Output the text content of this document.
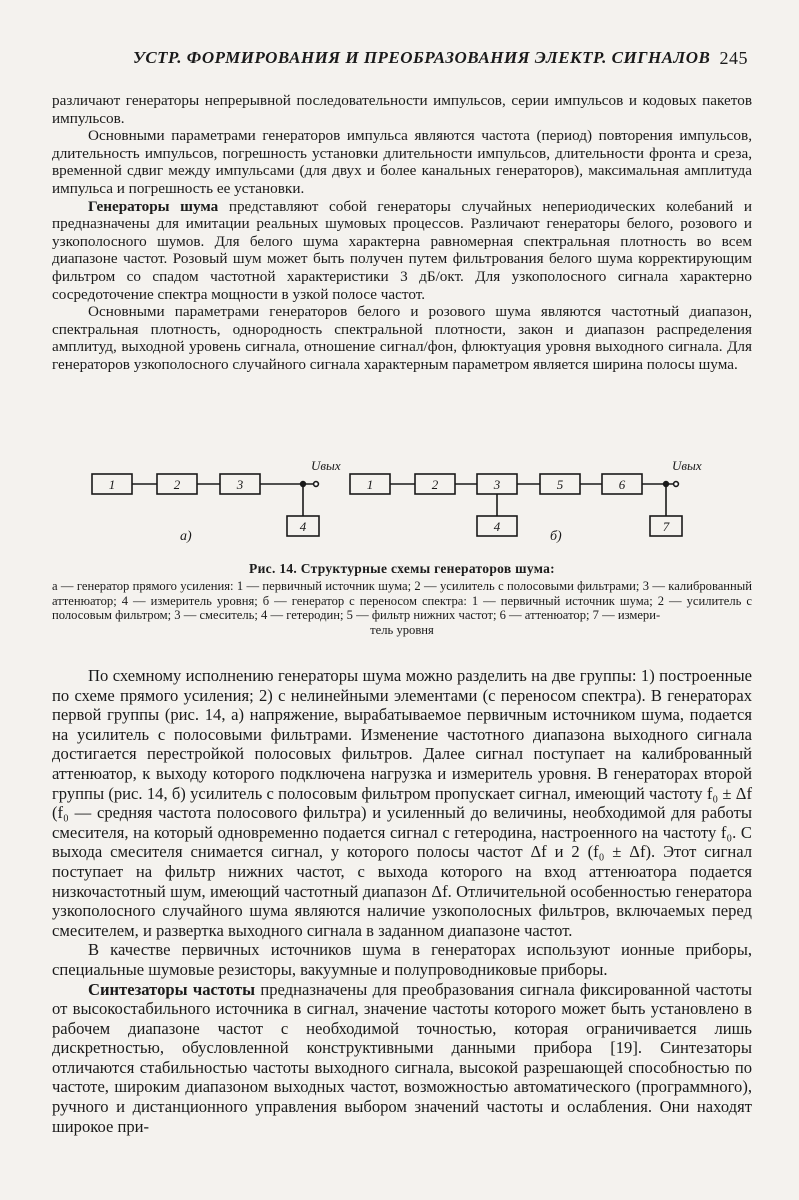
УСТР. ФОРМИРОВАНИЯ И ПРЕОБРАЗОВАНИЯ ЭЛЕКТР. СИГНАЛОВ 245

различают генераторы непрерывной последовательности импульсов, серии импульсов и кодовых пакетов импульсов.

Основными параметрами генераторов импульса являются частота (период) повторения импульсов, длительность импульсов, погрешность установки длительности импульсов, длительности фронта и среза, временной сдвиг между импульсами (для двух и более канальных генераторов), максимальная амплитуда импульса и погрешность ее установки.

Генераторы шума представляют собой генераторы случайных непериодических колебаний и предназначены для имитации реальных шумовых процессов. Различают генераторы белого, розового и узкополосного шумов. Для белого шума характерна равномерная спектральная плотность во всем диапазоне частот. Розовый шум может быть получен путем фильтрования белого шума корректирующим фильтром со спадом частотной характеристики 3 дБ/окт. Для узкополосного сигнала характерно сосредоточение спектра мощности в узкой полосе частот.

Основными параметрами генераторов белого и розового шума являются частотный диапазон, спектральная плотность, однородность спектральной плотности, закон и диапазон распределения амплитуд, выходной уровень сигнала, отношение сигнал/фон, флюктуация уровня выходного сигнала. Для генераторов узкополосного случайного сигнала характерным параметром является ширина полосы шума.

1	2	3
4
Uвых
а)
1	2	3
4
5	6
7
Uвых
б)
Рис. 14. Структурные схемы генераторов шума:
а — генератор прямого усиления: 1 — первичный источник шума; 2 — усилитель с полосовыми фильтрами; 3 — калиброванный аттенюатор; 4 — измеритель уровня; б — генератор с переносом спектра: 1 — первичный источник шума; 2 — усилитель с полосовым фильтром; 3 — смеситель; 4 — гетеродин; 5 — фильтр нижних частот; 6 — аттенюатор; 7 — измери-
тель уровня

По схемному исполнению генераторы шума можно разделить на две группы: 1) построенные по схеме прямого усиления; 2) с нелинейными элементами (с переносом спектра). В генераторах первой группы (рис. 14, а) напряжение, вырабатываемое первичным источником шума, подается на усилитель с полосовыми фильтрами. Изменение частотного диапазона выходного сигнала достигается перестройкой полосовых фильтров. Далее сигнал поступает на калиброванный аттенюатор, к выходу которого подключена нагрузка и измеритель уровня. В генераторах второй группы (рис. 14, б) усилитель с полосовым фильтром пропускает сигнал, имеющий частоту f₀ ± Δf (f₀ — средняя частота полосового фильтра) и усиленный до величины, необходимой для работы смесителя, на который одновременно подается сигнал с гетеродина, настроенного на частоту f₀. С выхода смесителя снимается сигнал, у которого полосы частот Δf и 2 (f₀ ± Δf). Этот сигнал поступает на фильтр нижних частот, с выхода которого на вход аттенюатора подается низкочастотный шум, имеющий частотный диапазон Δf. Отличительной особенностью генератора узкополосного случайного шума являются наличие узкополосных фильтров, включаемых перед смесителем, и развертка выходного сигнала в заданном диапазоне частот.

В качестве первичных источников шума в генераторах используют ионные приборы, специальные шумовые резисторы, вакуумные и полупроводниковые приборы.

Синтезаторы частоты предназначены для преобразования сигнала фиксированной частоты от высокостабильного источника в сигнал, значение частоты которого может быть установлено в рабочем диапазоне частот с необходимой точностью, которая ограничивается лишь дискретностью, обусловленной конструктивными данными прибора [19]. Синтезаторы отличаются стабильностью частоты выходного сигнала, высокой разрешающей способностью по частоте, широким диапазоном выходных частот, возможностью автоматического (программного), ручного и дистанционного управления выбором значений частоты и ослабления. Они находят широкое при-
